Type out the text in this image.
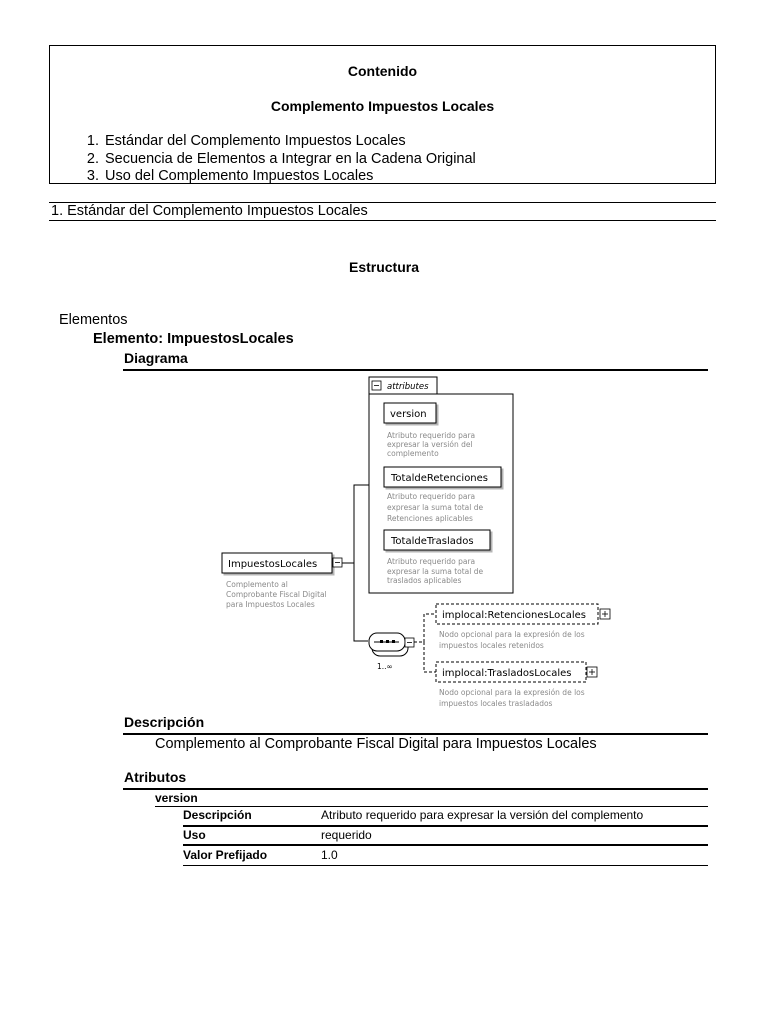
Contenido
Complemento Impuestos Locales
1. Estándar del Complemento Impuestos Locales
2. Secuencia de Elementos a Integrar en la Cadena Original
3. Uso del Complemento Impuestos Locales
1. Estándar del Complemento Impuestos Locales
Estructura
Elementos
Elemento: ImpuestosLocales
Diagrama
attributes
version
Atributo requerido para
expresar la versión del
complemento
TotaldeRetenciones
Atributo requerido para
expresar la suma total de
Retenciones aplicables
TotaldeTraslados
Atributo requerido para
expresar la suma total de
traslados aplicables
ImpuestosLocales
Complemento al
Comprobante Fiscal Digital
para Impuestos Locales
1..∞
implocal:RetencionesLocales
Nodo opcional para la expresión de los
impuestos locales retenidos
implocal:TrasladosLocales
Nodo opcional para la expresión de los
impuestos locales trasladados
Descripción
Complemento al Comprobante Fiscal Digital para Impuestos Locales
Atributos
version
Descripción	Atributo requerido para expresar la versión del complemento
Uso	requerido
Valor Prefijado	1.0
